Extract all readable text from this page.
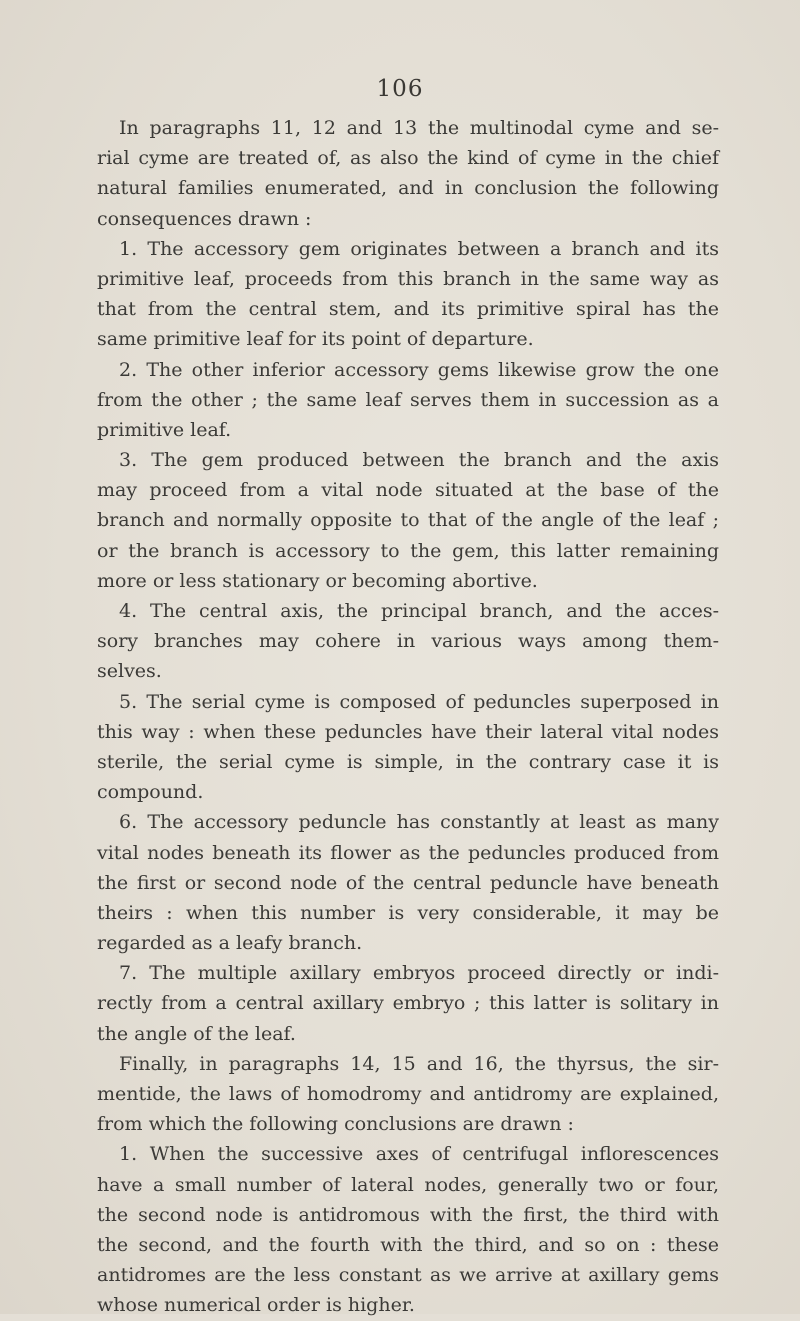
106
In paragraphs 11, 12 and 13 the multinodal cyme and se-
rial cyme are treated of, as also the kind of cyme in the chief
natural families enumerated, and in conclusion the following
consequences drawn :
1. The accessory gem originates between a branch and its
primitive leaf, proceeds from this branch in the same way as
that from the central stem, and its primitive spiral has the
same primitive leaf for its point of departure.
2. The other inferior accessory gems likewise grow the one
from the other ; the same leaf serves them in succession as a
primitive leaf.
3. The gem produced between the branch and the axis
may proceed from a vital node situated at the base of the
branch and normally opposite to that of the angle of the leaf ;
or the branch is accessory to the gem, this latter remaining
more or less stationary or becoming abortive.
4. The central axis, the principal branch, and the acces-
sory branches may cohere in various ways among them-
selves.
5. The serial cyme is composed of peduncles superposed in
this way : when these peduncles have their lateral vital nodes
sterile, the serial cyme is simple, in the contrary case it is
compound.
6. The accessory peduncle has constantly at least as many
vital nodes beneath its flower as the peduncles produced from
the first or second node of the central peduncle have beneath
theirs : when this number is very considerable, it may be
regarded as a leafy branch.
7. The multiple axillary embryos proceed directly or indi-
rectly from a central axillary embryo ; this latter is solitary in
the angle of the leaf.
Finally, in paragraphs 14, 15 and 16, the thyrsus, the sir-
mentide, the laws of homodromy and antidromy are explained,
from which the following conclusions are drawn :
1. When the successive axes of centrifugal inflorescences
have a small number of lateral nodes, generally two or four,
the second node is antidromous with the first, the third with
the second, and the fourth with the third, and so on : these
antidromes are the less constant as we arrive at axillary gems
whose numerical order is higher.
